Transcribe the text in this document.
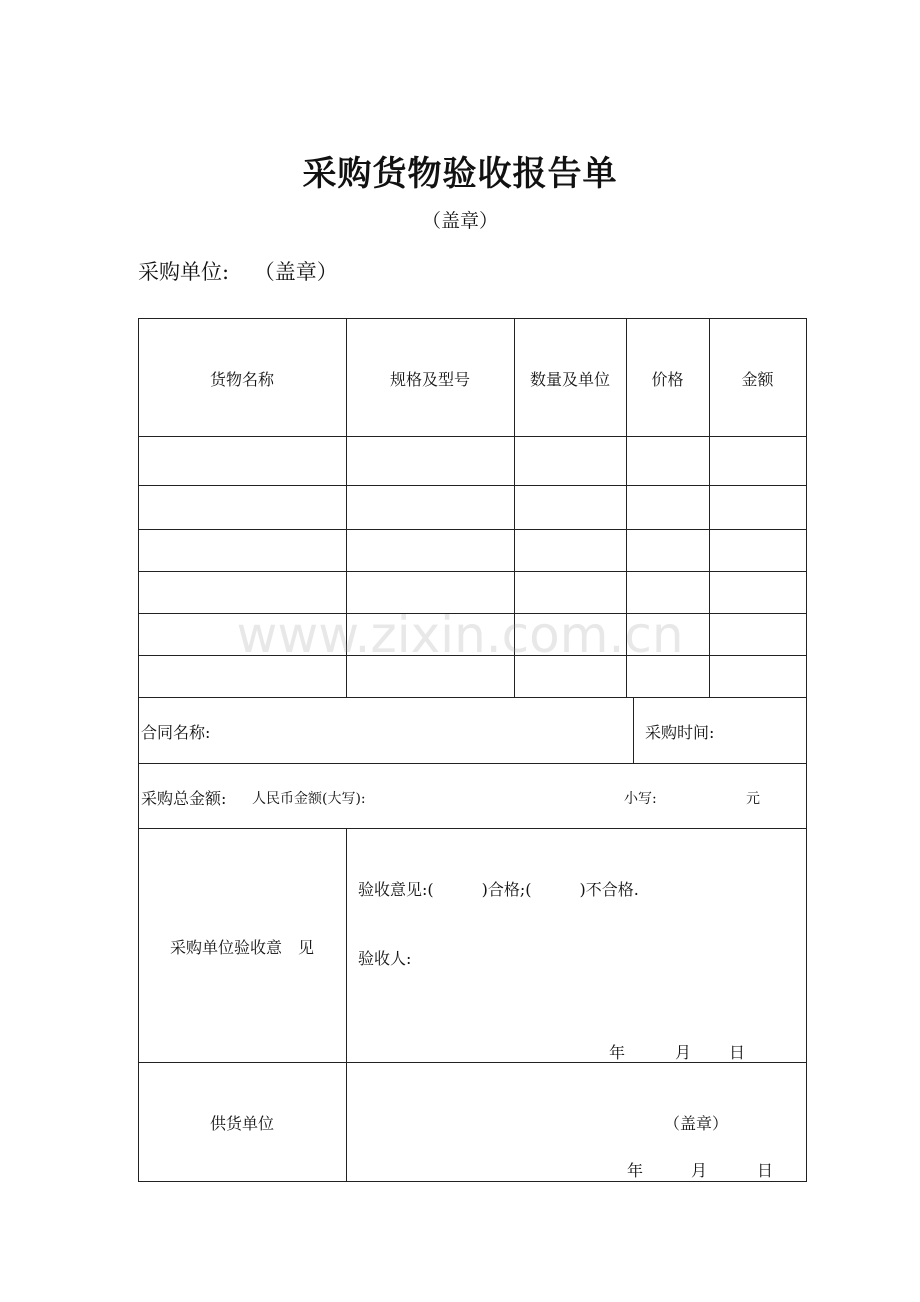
采购货物验收报告单
（盖章）
采购单位: （盖章）
货物名称	规格及型号	数量及单位	价格	金额
合同名称:	采购时间:
采购总金额: 人民币金额(大写):	小写:	元
采购单位验收意　见
验收意见:(　　　)合格;(　　　)不合格.
验收人:
年	月 日
供货单位	（盖章）
年	月	日
www.zixin.com.cn
